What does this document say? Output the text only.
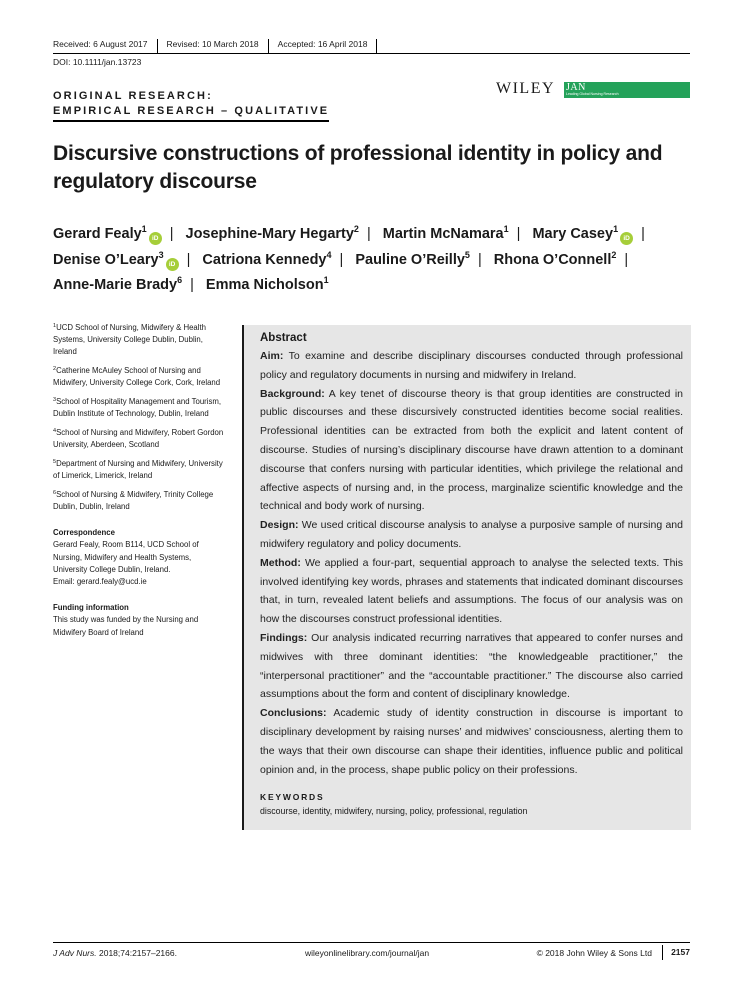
Received: 6 August 2017	Revised: 10 March 2018	Accepted: 16 April 2018
DOI: 10.1111/jan.13723
ORIGINAL RESEARCH:
EMPIRICAL RESEARCH – QUALITATIVE
WILEY JAN
Leading Global Nursing Research
Discursive constructions of professional identity in policy and regulatory discourse
Gerard Fealy$^1$iD | Josephine-Mary Hegarty$^2$ | Martin McNamara$^1$ | Mary Casey$^1$iD | Denise O’Leary$^3$iD | Catriona Kennedy$^4$ | Pauline O’Reilly$^5$ | Rhona O’Connell$^2$ | Anne-Marie Brady$^6$ | Emma Nicholson$^1$
$^1$UCD School of Nursing, Midwifery & Health Systems, University College Dublin, Dublin, Ireland
$^2$Catherine McAuley School of Nursing and Midwifery, University College Cork, Cork, Ireland
$^3$School of Hospitality Management and Tourism, Dublin Institute of Technology, Dublin, Ireland
$^4$School of Nursing and Midwifery, Robert Gordon University, Aberdeen, Scotland
$^5$Department of Nursing and Midwifery, University of Limerick, Limerick, Ireland
$^6$School of Nursing & Midwifery, Trinity College Dublin, Dublin, Ireland
Correspondence
Gerard Fealy, Room B114, UCD School of Nursing, Midwifery and Health Systems, University College Dublin, Ireland.
Email: gerard.fealy@ucd.ie
Funding information
This study was funded by the Nursing and Midwifery Board of Ireland
Abstract
Aim: To examine and describe disciplinary discourses conducted through professional policy and regulatory documents in nursing and midwifery in Ireland.
Background: A key tenet of discourse theory is that group identities are constructed in public discourses and these discursively constructed identities become social realities. Professional identities can be extracted from both the explicit and latent content of discourse. Studies of nursing’s disciplinary discourse have drawn attention to a dominant discourse that confers nursing with particular identities, which privilege the relational and affective aspects of nursing and, in the process, marginalize scientific knowledge and the technical and body work of nursing.
Design: We used critical discourse analysis to analyse a purposive sample of nursing and midwifery regulatory and policy documents.
Method: We applied a four-part, sequential approach to analyse the selected texts. This involved identifying key words, phrases and statements that indicated dominant discourses that, in turn, revealed latent beliefs and assumptions. The focus of our analysis was on how the discourses construct professional identities.
Findings: Our analysis indicated recurring narratives that appeared to confer nurses and midwives with three dominant identities: “the knowledgeable practitioner,” the “interpersonal practitioner” and the “accountable practitioner.” The discourse also carried assumptions about the form and content of disciplinary knowledge.
Conclusions: Academic study of identity construction in discourse is important to disciplinary development by raising nurses’ and midwives’ consciousness, alerting them to the ways that their own discourse can shape their identities, influence public and political opinion and, in the process, shape public policy on their professions.
KEYWORDS
discourse, identity, midwifery, nursing, policy, professional, regulation
J Adv Nurs. 2018;74:2157–2166.	wileyonlinelibrary.com/journal/jan	© 2018 John Wiley & Sons Ltd	2157
